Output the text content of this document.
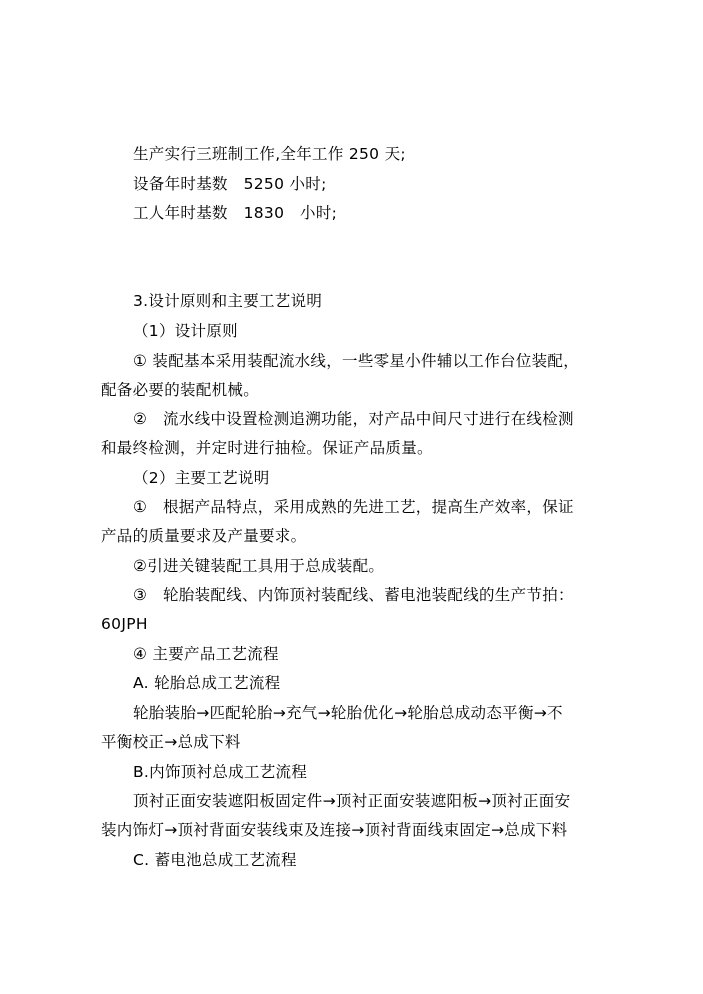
生产实行三班制工作,全年工作 250 天;
设备年时基数　5250 小时;
工人年时基数　1830　小时;
3.设计原则和主要工艺说明
（1）设计原则
① 装配基本采用装配流水线，一些零星小件辅以工作台位装配，
配备必要的装配机械。
②　流水线中设置检测追溯功能，对产品中间尺寸进行在线检测
和最终检测，并定时进行抽检。保证产品质量。
（2）主要工艺说明
①　根据产品特点，采用成熟的先进工艺，提高生产效率，保证
产品的质量要求及产量要求。
②引进关键装配工具用于总成装配。
③　轮胎装配线、内饰顶衬装配线、蓄电池装配线的生产节拍：
60JPH
④ 主要产品工艺流程
A. 轮胎总成工艺流程
轮胎装胎→匹配轮胎→充气→轮胎优化→轮胎总成动态平衡→不
平衡校正→总成下料
B.内饰顶衬总成工艺流程
顶衬正面安装遮阳板固定件→顶衬正面安装遮阳板→顶衬正面安
装内饰灯→顶衬背面安装线束及连接→顶衬背面线束固定→总成下料
C. 蓄电池总成工艺流程
